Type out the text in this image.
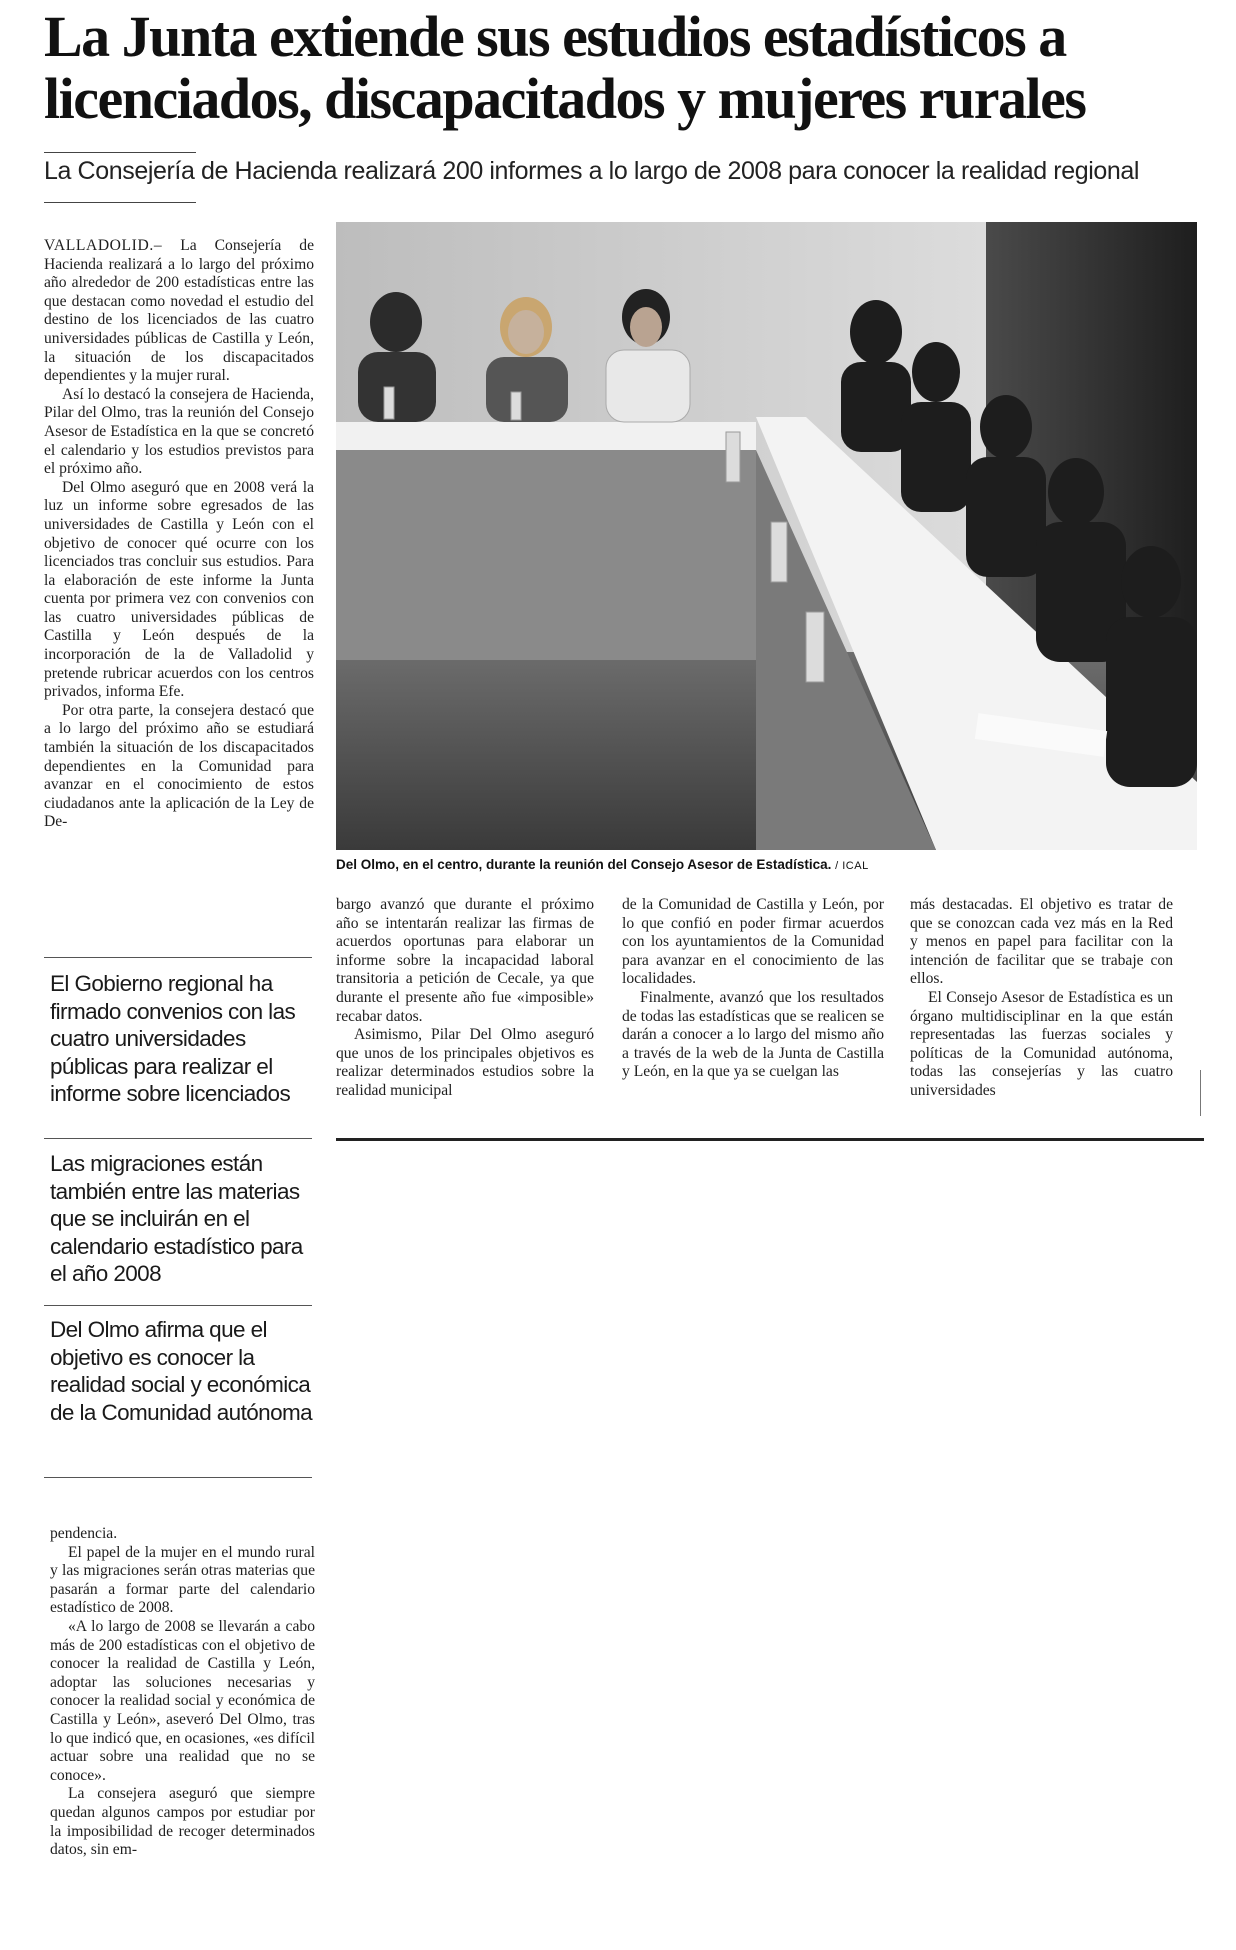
La Junta extiende sus estudios estadísticos a licenciados, discapacitados y mujeres rurales

La Consejería de Hacienda realizará 200 informes a lo largo de 2008 para conocer la realidad regional

VALLADOLID.– La Consejería de Hacienda realizará a lo largo del próximo año alrededor de 200 estadísticas entre las que destacan como novedad el estudio del destino de los licenciados de las cuatro universidades públicas de Castilla y León, la situación de los discapacitados dependientes y la mujer rural.

Así lo destacó la consejera de Hacienda, Pilar del Olmo, tras la reunión del Consejo Asesor de Estadística en la que se concretó el calendario y los estudios previstos para el próximo año.

Del Olmo aseguró que en 2008 verá la luz un informe sobre egresados de las universidades de Castilla y León con el objetivo de conocer qué ocurre con los licenciados tras concluir sus estudios. Para la elaboración de este informe la Junta cuenta por primera vez con convenios con las cuatro universidades públicas de Castilla y León después de la incorporación de la de Valladolid y pretende rubricar acuerdos con los centros privados, informa Efe.

Por otra parte, la consejera destacó que a lo largo del próximo año se estudiará también la situación de los discapacitados dependientes en la Comunidad para avanzar en el conocimiento de estos ciudadanos ante la aplicación de la Ley de De-

El Gobierno regional ha firmado convenios con las cuatro universidades públicas para realizar el informe sobre licenciados

Las migraciones están también entre las materias que se incluirán en el calendario estadístico para el año 2008

Del Olmo afirma que el objetivo es conocer la realidad social y económica de la Comunidad autónoma

pendencia.

El papel de la mujer en el mundo rural y las migraciones serán otras materias que pasarán a formar parte del calendario estadístico de 2008.

«A lo largo de 2008 se llevarán a cabo más de 200 estadísticas con el objetivo de conocer la realidad de Castilla y León, adoptar las soluciones necesarias y conocer la realidad social y económica de Castilla y León», aseveró Del Olmo, tras lo que indicó que, en ocasiones, «es difícil actuar sobre una realidad que no se conoce».

La consejera aseguró que siempre quedan algunos campos por estudiar por la imposibilidad de recoger determinados datos, sin em-

Del Olmo, en el centro, durante la reunión del Consejo Asesor de Estadística. / ICAL

bargo avanzó que durante el próximo año se intentarán realizar las firmas de acuerdos oportunas para elaborar un informe sobre la incapacidad laboral transitoria a petición de Cecale, ya que durante el presente año fue «imposible» recabar datos.

Asimismo, Pilar Del Olmo aseguró que unos de los principales objetivos es realizar determinados estudios sobre la realidad municipal

de la Comunidad de Castilla y León, por lo que confió en poder firmar acuerdos con los ayuntamientos de la Comunidad para avanzar en el conocimiento de las localidades.

Finalmente, avanzó que los resultados de todas las estadísticas que se realicen se darán a conocer a lo largo del mismo año a través de la web de la Junta de Castilla y León, en la que ya se cuelgan las

más destacadas. El objetivo es tratar de que se conozcan cada vez más en la Red y menos en papel para facilitar con la intención de facilitar que se trabaje con ellos.

El Consejo Asesor de Estadística es un órgano multidisciplinar en la que están representadas las fuerzas sociales y políticas de la Comunidad autónoma, todas las consejerías y las cuatro universidades
